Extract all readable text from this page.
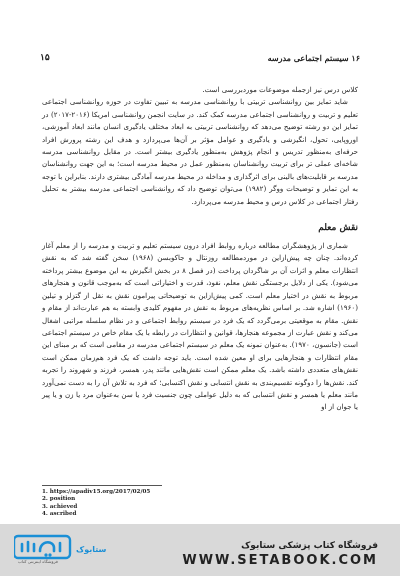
۱۶ سیستم اجتماعی مدرسه
۱۵

کلاس درس نیز ازجمله موضوعات موردبررسی است.

شاید تمایز بین روانشناسی تربیتی با روانشناسی مدرسه به تبیین تفاوت در حوزه روانشناسی اجتماعی تعلیم و تربیت و روانشناسی اجتماعی مدرسه کمک کند. در سایت انجمن روانشناسی امریکا (۲۰۱۶-۲۰۱۷) در تمایز این دو رشته توضیح می‌دهد که روانشناسی تربیتی به ابعاد مختلف یادگیری انسان مانند ابعاد آموزشی، اوروپایی، تحول، انگیزشی و یادگیری و عوامل مؤثر بر آن‌ها می‌پردازد و هدف این رشته پرورش افراد حرفه‌ای به‌منظور تدریس و انجام پژوهش به‌منظور یادگیری بیشتر است. در مقابل روانشناسی مدرسه شاخه‌ای عملی تر برای تربیت روانشناسان به‌منظور عمل در محیط مدرسه است؛ به این جهت روانشناسان مدرسه بر قابلیت‌های بالینی برای اثرگذاری و مداخله در محیط مدرسه آمادگی بیشتری دارند. بنابراین با توجه به این تمایز و توضیحات ووگر (۱۹۸۲) می‌توان توضیح داد که روانشناسی اجتماعی مدرسه بیشتر به تحلیل رفتار اجتماعی در کلاس درس و محیط مدرسه می‌پردازد.

نقش معلم

شماری از پژوهشگران مطالعه درباره روابط افراد درون سیستم تعلیم و تربیت و مدرسه را از معلم آغاز کرده‌اند. چنان چه پیش‌ازاین در موردمطالعه روزنتال و جاکوبسن (۱۹۶۸) سخن گفته شد که به نقش انتظارات معلم و اثرات آن بر شاگردان پرداخت (در فصل ۸ در بخش انگیزش به این موضوع بیشتر پرداخته می‌شود). یکی از دلایل برجستگی نقش معلم، نفوذ، قدرت و اختیاراتی است که به‌موجب قانون و هنجارهای مربوط به نقش در اختیار معلم است. کمی پیش‌ازاین به توضیحاتی پیرامون نقش به نقل از گتزلز و تیلین (۱۹۶۰) اشاره شد. بر اساس نظریه‌های مربوط به نقش در مفهوم کلیدی وابسته به هم عبارت‌اند از مقام و نقش. مقام به موقعیتی برمی‌گردد که یک فرد در سیستم روابط اجتماعی و در نظام سلسله مراتبی اشغال می‌کند و نقش عبارت از مجموعه هنجارها، قوانین و انتظارات در رابطه با یک مقام خاص در سیستم اجتماعی است (جانسون، ۱۹۷۰). به‌عنوان نمونه یک معلم در سیستم اجتماعی مدرسه در مقامی است که بر مبنای این مقام انتظارات و هنجارهایی برای او معین شده است. باید توجه داشت که یک فرد هم‌زمان ممکن است نقش‌های متعددی داشته باشد. یک معلم ممکن است نقش‌هایی مانند پدر، همسر، فرزند و شهروند را تجربه کند. نقش‌ها را دوگونه تقسیم‌بندی به نقش انتسابی و نقش اکتسابی؛ که فرد به تلاش آن را به دست نمی‌آورد مانند معلم یا همسر و نقش انتسابی که به دلیل عواملی چون جنسیت فرد یا سن به‌عنوان مرد یا زن و یا پیر یا جوان از او

1. https://apadiv15.org/2017/02/05
2. position
3. achieved
4. ascribed
ستابوک
فروشگاه اینترنتی کتاب
فروشگاه کتاب پزشکی ستابوک
WWW.SETABOOK.COM
